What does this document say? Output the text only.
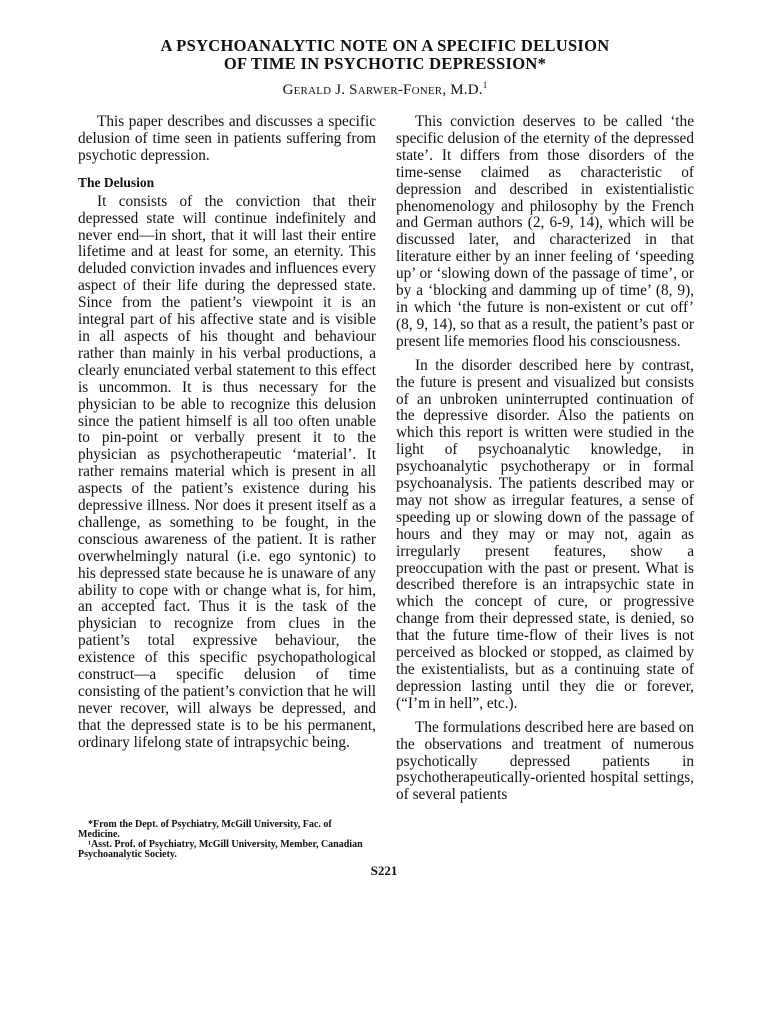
A PSYCHOANALYTIC NOTE ON A SPECIFIC DELUSION
OF TIME IN PSYCHOTIC DEPRESSION*
Gerald J. Sarwer-Foner, M.D.$^1$

This paper describes and discusses a specific delusion of time seen in patients suffering from psychotic depression.

The Delusion

It consists of the conviction that their depressed state will continue indefinitely and never end—in short, that it will last their entire lifetime and at least for some, an eternity. This deluded conviction invades and influences every aspect of their life during the depressed state. Since from the patient’s viewpoint it is an integral part of his affective state and is visible in all aspects of his thought and behaviour rather than mainly in his verbal productions, a clearly enunciated verbal statement to this effect is uncommon. It is thus necessary for the physician to be able to recognize this delusion since the patient himself is all too often unable to pin-point or verbally present it to the physician as psychotherapeutic ‘material’. It rather remains material which is present in all aspects of the patient’s existence during his depressive illness. Nor does it present itself as a challenge, as something to be fought, in the conscious awareness of the patient. It is rather overwhelmingly natural (i.e. ego syntonic) to his depressed state because he is unaware of any ability to cope with or change what is, for him, an accepted fact. Thus it is the task of the physician to recognize from clues in the patient’s total expressive behaviour, the existence of this specific psychopathological construct—a specific delusion of time consisting of the patient’s conviction that he will never recover, will always be depressed, and that the depressed state is to be his permanent, ordinary lifelong state of intrapsychic being.

This conviction deserves to be called ‘the specific delusion of the eternity of the depressed state’. It differs from those disorders of the time-sense claimed as characteristic of depression and described in existentialistic phenomenology and philosophy by the French and German authors (2, 6-9, 14), which will be discussed later, and characterized in that literature either by an inner feeling of ‘speeding up’ or ‘slowing down of the passage of time’, or by a ‘blocking and damming up of time’ (8, 9), in which ‘the future is non-existent or cut off’ (8, 9, 14), so that as a result, the patient’s past or present life memories flood his consciousness.

In the disorder described here by contrast, the future is present and visualized but consists of an unbroken uninterrupted continuation of the depressive disorder. Also the patients on which this report is written were studied in the light of psychoanalytic knowledge, in psychoanalytic psychotherapy or in formal psychoanalysis. The patients described may or may not show as irregular features, a sense of speeding up or slowing down of the passage of hours and they may or may not, again as irregularly present features, show a preoccupation with the past or present. What is described therefore is an intrapsychic state in which the concept of cure, or progressive change from their depressed state, is denied, so that the future time-flow of their lives is not perceived as blocked or stopped, as claimed by the existentialists, but as a continuing state of depression lasting until they die or forever, (“I’m in hell”, etc.).

The formulations described here are based on the observations and treatment of numerous psychotically depressed patients in psychotherapeutically-oriented hospital settings, of several patients

*From the Dept. of Psychiatry, McGill University, Fac. of Medicine.

¹Asst. Prof. of Psychiatry, McGill University, Member, Canadian Psychoanalytic Society.

S221
